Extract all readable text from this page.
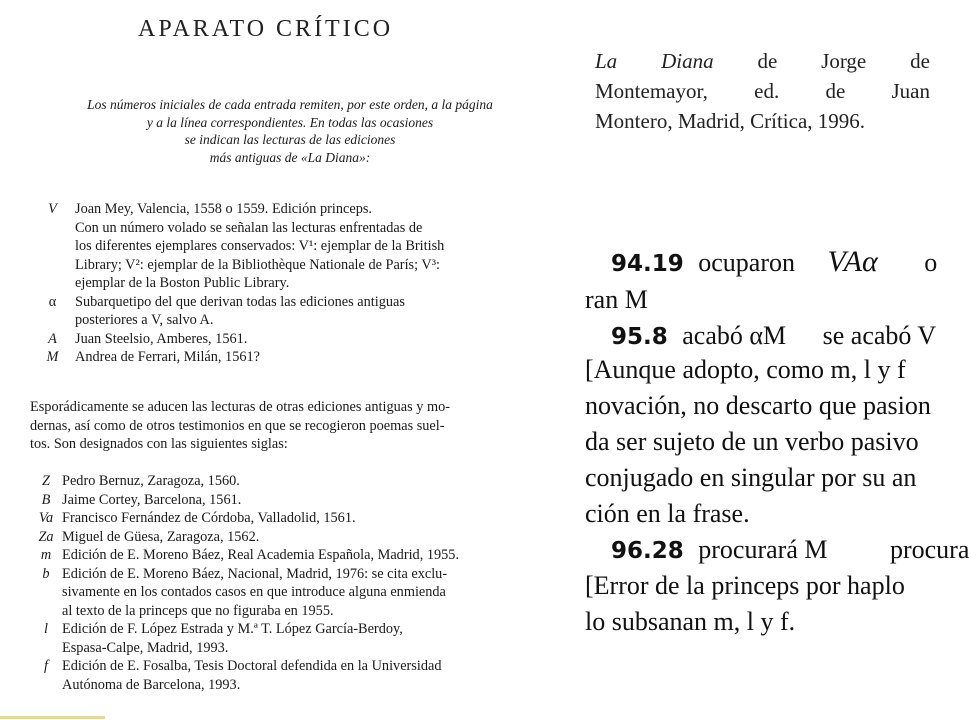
APARATO CRÍTICO
Los números iniciales de cada entrada remiten, por este orden, a la página
y a la línea correspondientes. En todas las ocasiones
se indican las lecturas de las ediciones
más antiguas de «La Diana»:
V	Joan Mey, Valencia, 1558 o 1559. Edición princeps.
Con un número volado se señalan las lecturas enfrentadas de
los diferentes ejemplares conservados: V¹: ejemplar de la British
Library; V²: ejemplar de la Bibliothèque Nationale de París; V³:
ejemplar de la Boston Public Library.
α	Subarquetipo del que derivan todas las ediciones antiguas
posteriores a V, salvo A.
A	Juan Steelsio, Amberes, 1561.
M	Andrea de Ferrari, Milán, 1561?
Esporádicamente se aducen las lecturas de otras ediciones antiguas y mo-
dernas, así como de otros testimonios en que se recogieron poemas suel-
tos. Son designados con las siguientes siglas:
Z Pedro Bernuz, Zaragoza, 1560.
B Jaime Cortey, Barcelona, 1561.
Va Francisco Fernández de Córdoba, Valladolid, 1561.
Za Miguel de Güesa, Zaragoza, 1562.
m Edición de E. Moreno Báez, Real Academia Española, Madrid, 1955.
b Edición de E. Moreno Báez, Nacional, Madrid, 1976: se cita exclu-
sivamente en los contados casos en que introduce alguna enmienda
al texto de la princeps que no figuraba en 1955.
l Edición de F. López Estrada y M.ª T. López García-Berdoy,
Espasa-Calpe, Madrid, 1993.
f Edición de E. Fosalba, Tesis Doctoral defendida en la Universidad
Autónoma de Barcelona, 1993.
La Diana de Jorge de
Montemayor, ed. de Juan
Montero, Madrid, Crítica, 1996.
94.19 ocuparon VAα o
ran M
95.8 acabó αM se acabó V
[Aunque adopto, como m, l y f
novación, no descarto que pasion
da ser sujeto de un verbo pasivo
conjugado en singular por su an
ción en la frase.
96.28 procurará M procura
[Error de la princeps por haplo
lo subsanan m, l y f.
